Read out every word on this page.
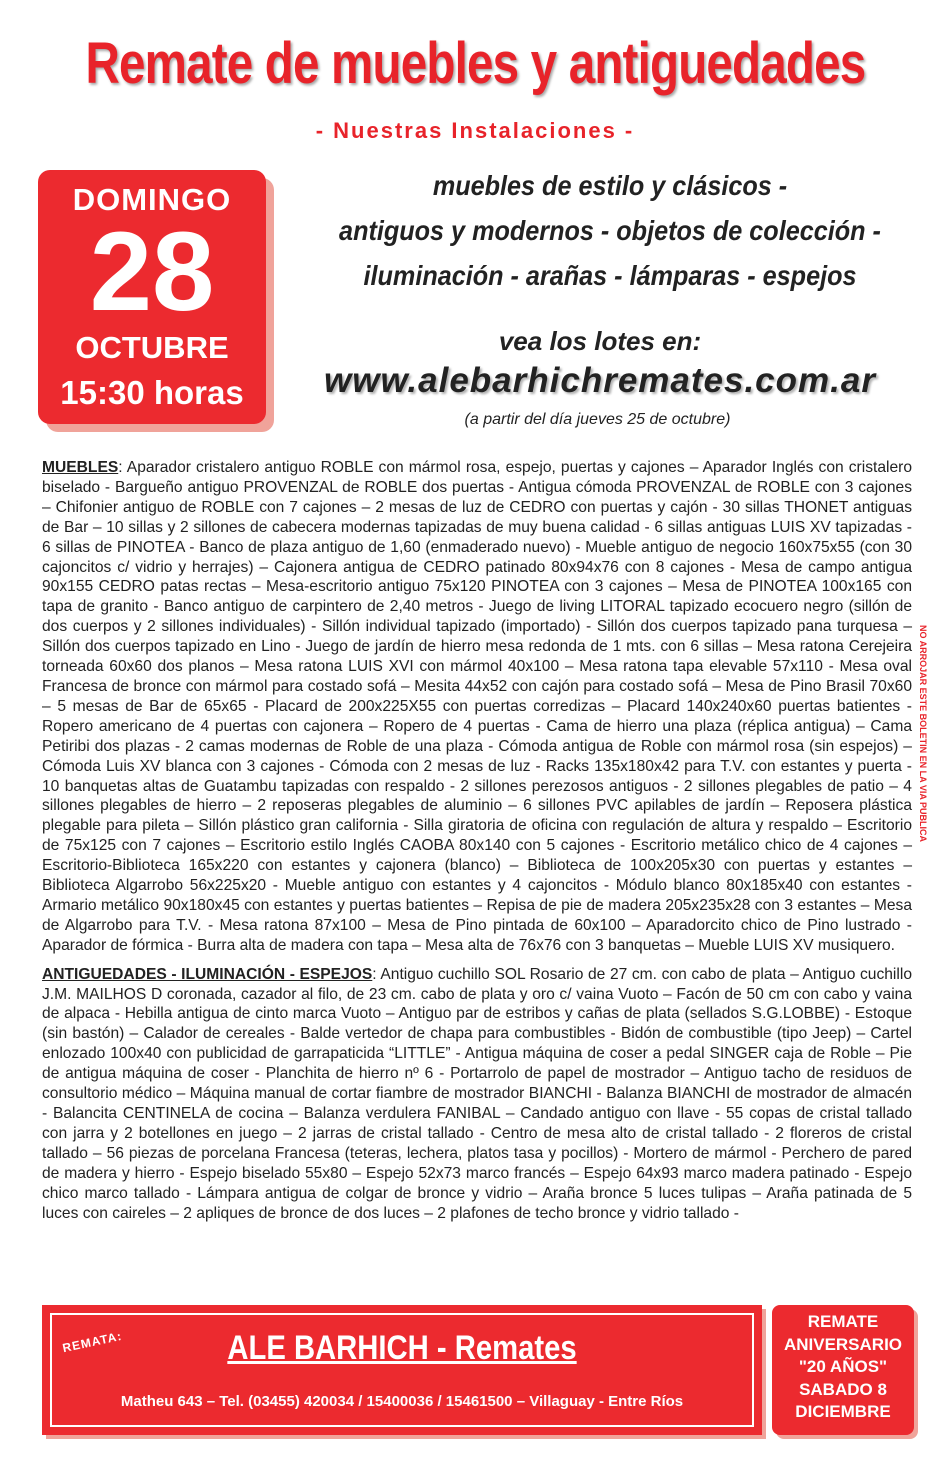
Remate de muebles y antiguedades
- Nuestras Instalaciones -
DOMINGO
28
OCTUBRE
15:30 horas
muebles de estilo y clásicos -
antiguos y modernos - objetos de colección -
iluminación - arañas - lámparas - espejos
vea los lotes en:
www.alebarhichremates.com.ar
(a partir del día jueves 25 de octubre)

MUEBLES: Aparador cristalero antiguo ROBLE con mármol rosa, espejo, puertas y cajones – Aparador Inglés con cristalero biselado - Bargueño antiguo PROVENZAL de ROBLE dos puertas - Antigua cómoda PROVENZAL de ROBLE con 3 cajones – Chifonier antiguo de ROBLE con 7 cajones – 2 mesas de luz de CEDRO con puertas y cajón - 30 sillas THONET antiguas de Bar – 10 sillas y 2 sillones de cabecera modernas tapizadas de muy buena calidad - 6 sillas antiguas LUIS XV tapizadas - 6 sillas de PINOTEA - Banco de plaza antiguo de 1,60 (enmaderado nuevo) - Mueble antiguo de negocio 160x75x55 (con 30 cajoncitos c/ vidrio y herrajes) – Cajonera antigua de CEDRO patinado 80x94x76 con 8 cajones - Mesa de campo antigua 90x155 CEDRO patas rectas – Mesa-escritorio antiguo 75x120 PINOTEA con 3 cajones – Mesa de PINOTEA 100x165 con tapa de granito - Banco antiguo de carpintero de 2,40 metros - Juego de living LITORAL tapizado ecocuero negro (sillón de dos cuerpos y 2 sillones individuales) - Sillón individual tapizado (importado) - Sillón dos cuerpos tapizado pana turquesa – Sillón dos cuerpos tapizado en Lino - Juego de jardín de hierro mesa redonda de 1 mts. con 6 sillas – Mesa ratona Cerejeira torneada 60x60 dos planos – Mesa ratona LUIS XVI con mármol 40x100 – Mesa ratona tapa elevable 57x110 - Mesa oval Francesa de bronce con mármol para costado sofá – Mesita 44x52 con cajón para costado sofá – Mesa de Pino Brasil 70x60 – 5 mesas de Bar de 65x65 - Placard de 200x225X55 con puertas corredizas – Placard 140x240x60 puertas batientes - Ropero americano de 4 puertas con cajonera – Ropero de 4 puertas - Cama de hierro una plaza (réplica antigua) – Cama Petiribi dos plazas - 2 camas modernas de Roble de una plaza - Cómoda antigua de Roble con mármol rosa (sin espejos) – Cómoda Luis XV blanca con 3 cajones - Cómoda con 2 mesas de luz - Racks 135x180x42 para T.V. con estantes y puerta - 10 banquetas altas de Guatambu tapizadas con respaldo - 2 sillones perezosos antiguos - 2 sillones plegables de patio – 4 sillones plegables de hierro – 2 reposeras plegables de aluminio – 6 sillones PVC apilables de jardín – Reposera plástica plegable para pileta – Sillón plástico gran california - Silla giratoria de oficina con regulación de altura y respaldo – Escritorio de 75x125 con 7 cajones – Escritorio estilo Inglés CAOBA 80x140 con 5 cajones - Escritorio metálico chico de 4 cajones – Escritorio-Biblioteca 165x220 con estantes y cajonera (blanco) – Biblioteca de 100x205x30 con puertas y estantes – Biblioteca Algarrobo 56x225x20 - Mueble antiguo con estantes y 4 cajoncitos - Módulo blanco 80x185x40 con estantes - Armario metálico 90x180x45 con estantes y puertas batientes – Repisa de pie de madera 205x235x28 con 3 estantes – Mesa de Algarrobo para T.V. - Mesa ratona 87x100 – Mesa de Pino pintada de 60x100 – Aparadorcito chico de Pino lustrado - Aparador de fórmica - Burra alta de madera con tapa – Mesa alta de 76x76 con 3 banquetas – Mueble LUIS XV musiquero.

ANTIGUEDADES - ILUMINACIÓN - ESPEJOS: Antiguo cuchillo SOL Rosario de 27 cm. con cabo de plata – Antiguo cuchillo J.M. MAILHOS D coronada, cazador al filo, de 23 cm. cabo de plata y oro c/ vaina Vuoto – Facón de 50 cm con cabo y vaina de alpaca - Hebilla antigua de cinto marca Vuoto – Antiguo par de estribos y cañas de plata (sellados S.G.LOBBE) - Estoque (sin bastón) – Calador de cereales - Balde vertedor de chapa para combustibles - Bidón de combustible (tipo Jeep) – Cartel enlozado 100x40 con publicidad de garrapaticida “LITTLE” - Antigua máquina de coser a pedal SINGER caja de Roble – Pie de antigua máquina de coser - Planchita de hierro nº 6 - Portarrolo de papel de mostrador – Antiguo tacho de residuos de consultorio médico – Máquina manual de cortar fiambre de mostrador BIANCHI - Balanza BIANCHI de mostrador de almacén - Balancita CENTINELA de cocina – Balanza verdulera FANIBAL – Candado antiguo con llave - 55 copas de cristal tallado con jarra y 2 botellones en juego – 2 jarras de cristal tallado - Centro de mesa alto de cristal tallado - 2 floreros de cristal tallado – 56 piezas de porcelana Francesa (teteras, lechera, platos tasa y pocillos) - Mortero de mármol - Perchero de pared de madera y hierro - Espejo biselado 55x80 – Espejo 52x73 marco francés – Espejo 64x93 marco madera patinado - Espejo chico marco tallado - Lámpara antigua de colgar de bronce y vidrio – Araña bronce 5 luces tulipas – Araña patinada de 5 luces con caireles – 2 apliques de bronce de dos luces – 2 plafones de techo bronce y vidrio tallado -

NO ARROJAR ESTE BOLETIN EN LA VIA PUBLICA
REMATA:	ALE BARHICH - Remates
Matheu 643 – Tel. (03455) 420034 / 15400036 / 15461500 – Villaguay - Entre Ríos
REMATE
ANIVERSARIO
"20 AÑOS"
SABADO 8
DICIEMBRE
